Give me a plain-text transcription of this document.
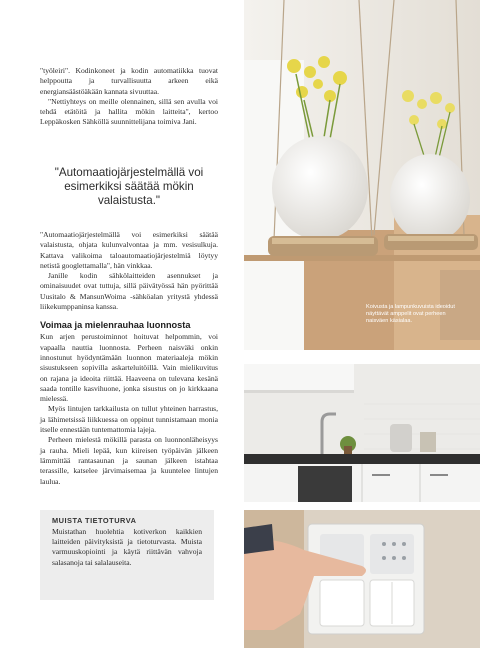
"työleiri". Kodinkoneet ja kodin automatiikka tuovat helppoutta ja turvallisuutta arkeen eikä energiansäästöäkään kannata sivuuttaa.

"Nettiyhteys on meille olennainen, sillä sen avulla voi tehdä etätöitä ja hallita mökin laitteita", kertoo Leppäkosken Sähköllä suunnittelijana toimiva Jani.

"Automaatiojärjestelmällä voi esimerkiksi säätää mökin valaistusta."

"Automaatiojärjestelmällä voi esimerkiksi säätää valaistusta, ohjata kulunvalvontaa ja mm. vesisulkuja. Kattava valikoima taloautomaatiojärjestelmiä löytyy netistä googlettamalla", hän vinkkaa.

Janille kodin sähkölaitteiden asennukset ja ominaisuudet ovat tuttuja, sillä päivätyössä hän pyörittää Uusitalo & MansunWoima -sähköalan yritystä yhdessä liikekumppaninsa kanssa.

Voimaa ja mielenrauhaa luonnosta

Kun arjen perustoiminnot hoituvat helpommin, voi vapaalla nauttia luonnosta. Perheen naisväki onkin innostunut hyödyntämään luonnon materiaaleja mökin sisustukseen sopivilla askarteluitöillä. Vain mielikuvitus on rajana ja ideoita riittää. Haaveena on tulevana kesänä saada tontille kasvihuone, jonka sisustus on jo kirkkaana mielessä.

Myös lintujen tarkkailusta on tullut yhteinen harrastus, ja lähimetsissä liikkuessa on oppinut tunnistamaan monia itselle ennestään tuntemattomia lajeja.

Perheen mielestä mökillä parasta on luonnonläheisyys ja rauha. Mieli lepää, kun kiireisen työpäivän jälkeen lämmittää rantasaunan ja saunan jälkeen istahtaa terassille, katselee järvimaisemaa ja kuuntelee lintujen laulua.

MUISTA TIETOTURVA
Muistathan huolehtia kotiverkon kaikkien laitteiden päivityksistä ja tietoturvasta. Muista varmuuskopiointi ja käytä riittävän vahvoja salasanoja tai salalauseita.
Koivusta ja lampunkuvuista ideoidut näyttävät amppelit ovat perheen naisväen käsialaa.
